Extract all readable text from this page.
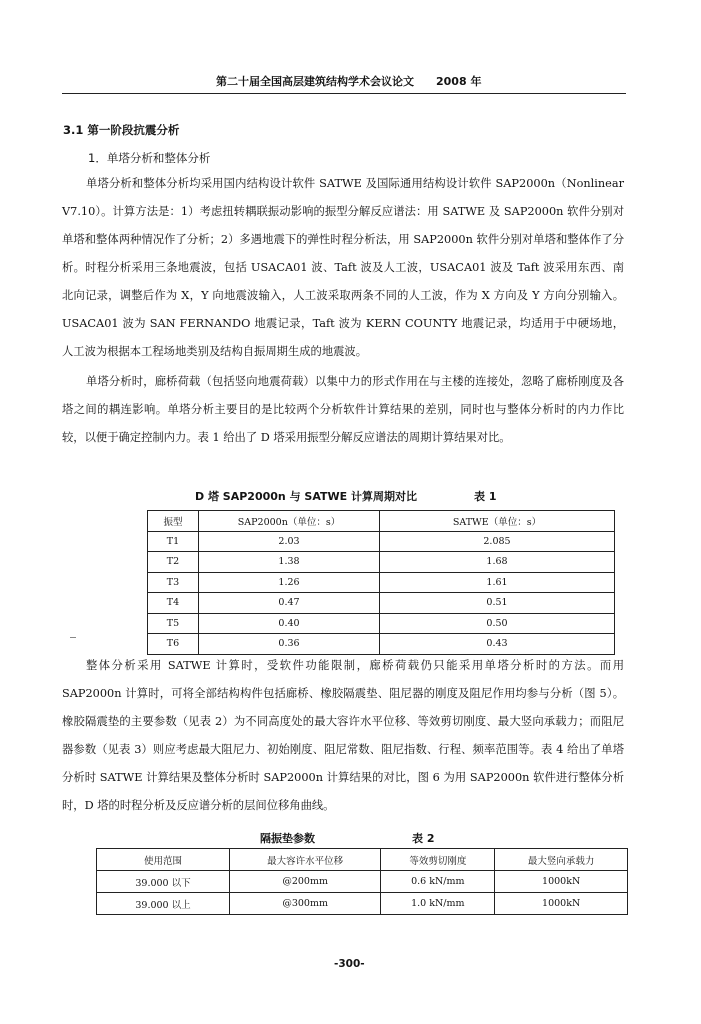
第二十届全国高层建筑结构学术会议论文 2008 年
3.1 第一阶段抗震分析
1．单塔分析和整体分析

单塔分析和整体分析均采用国内结构设计软件 SATWE 及国际通用结构设计软件 SAP2000n（Nonlinear V7.10）。计算方法是：1）考虑扭转耦联振动影响的振型分解反应谱法：用 SATWE 及 SAP2000n 软件分别对单塔和整体两种情况作了分析；2）多遇地震下的弹性时程分析法，用 SAP2000n 软件分别对单塔和整体作了分析。时程分析采用三条地震波，包括 USACA01 波、Taft 波及人工波，USACA01 波及 Taft 波采用东西、南北向记录，调整后作为 X，Y 向地震波输入，人工波采取两条不同的人工波，作为 X 方向及 Y 方向分别输入。USACA01 波为 SAN FERNANDO 地震记录，Taft 波为 KERN COUNTY 地震记录，均适用于中硬场地，人工波为根据本工程场地类别及结构自振周期生成的地震波。

单塔分析时，廊桥荷载（包括竖向地震荷载）以集中力的形式作用在与主楼的连接处，忽略了廊桥刚度及各塔之间的耦连影响。单塔分析主要目的是比较两个分析软件计算结果的差别，同时也与整体分析时的内力作比较，以便于确定控制内力。表 1 给出了 D 塔采用振型分解反应谱法的周期计算结果对比。

D 塔 SAP2000n 与 SATWE 计算周期对比	表 1
振型	SAP2000n（单位：s）	SATWE（单位：s）
T1	2.03	2.085
T2	1.38	1.68
T3	1.26	1.61
T4	0.47	0.51
T5	0.40	0.50
T6	0.36	0.43

整体分析采用 SATWE 计算时，受软件功能限制，廊桥荷载仍只能采用单塔分析时的方法。而用 SAP2000n 计算时，可将全部结构构件包括廊桥、橡胶隔震垫、阻尼器的刚度及阻尼作用均参与分析（图 5）。橡胶隔震垫的主要参数（见表 2）为不同高度处的最大容许水平位移、等效剪切刚度、最大竖向承载力；而阻尼器参数（见表 3）则应考虑最大阻尼力、初始刚度、阻尼常数、阻尼指数、行程、频率范围等。表 4 给出了单塔分析时 SATWE 计算结果及整体分析时 SAP2000n 计算结果的对比，图 6 为用 SAP2000n 软件进行整体分析时，D 塔的时程分析及反应谱分析的层间位移角曲线。

隔振垫参数	表 2
使用范围	最大容许水平位移	等效剪切刚度	最大竖向承载力
39.000 以下	@200mm	0.6 kN/mm	1000kN
39.000 以上	@300mm	1.0 kN/mm	1000kN
-300-
